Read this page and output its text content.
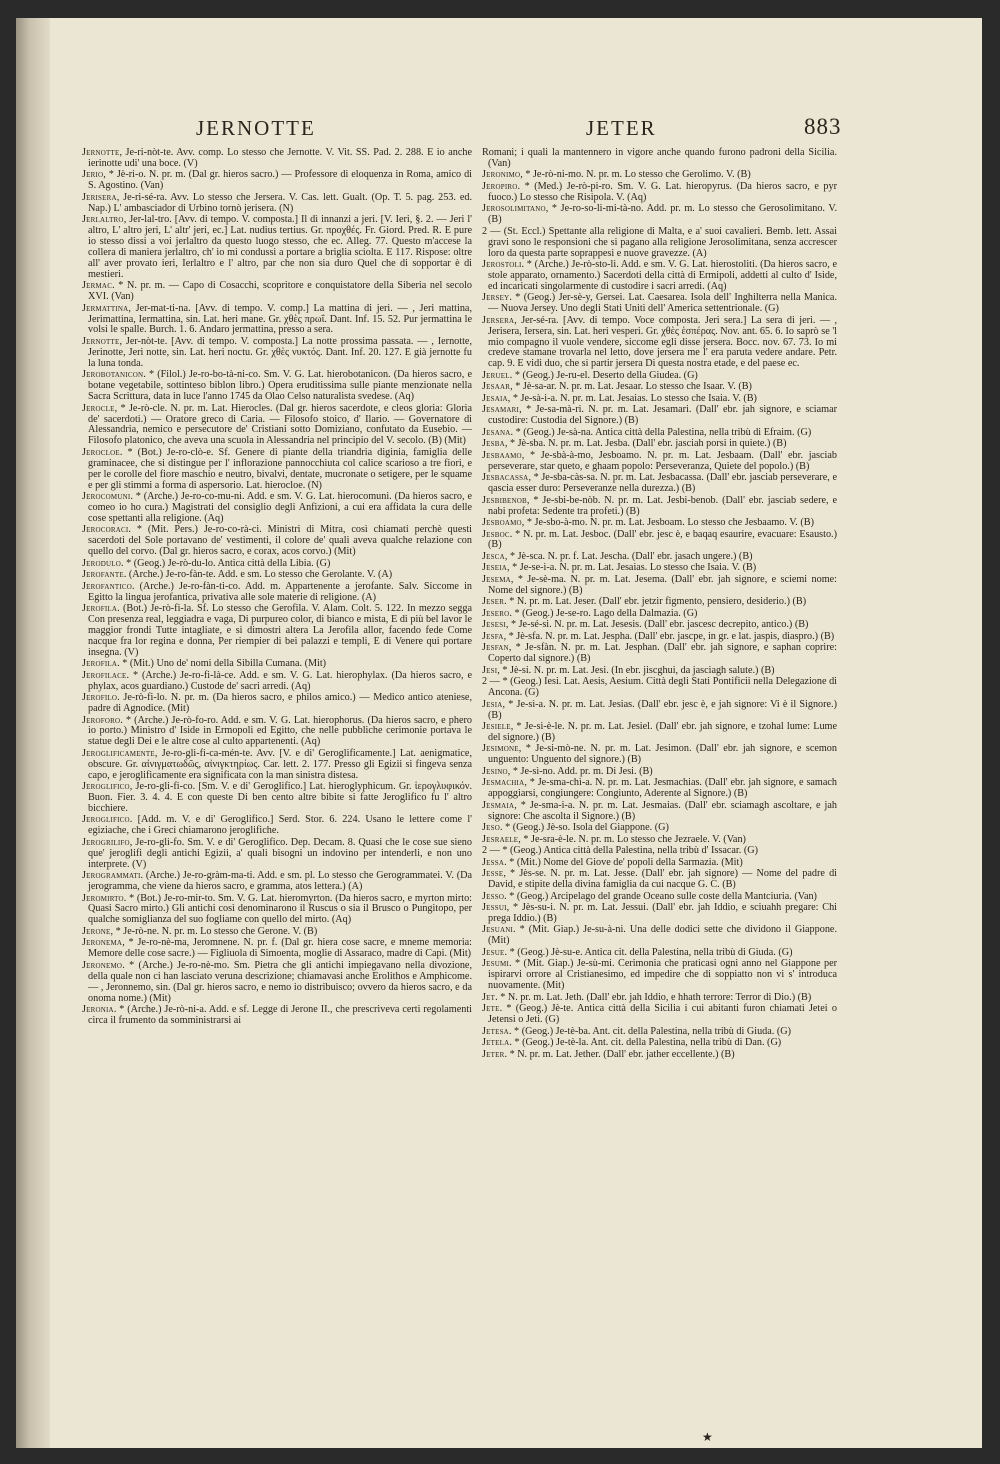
JERNOTTE	JETER	883

Jernotte, Je-ri-nòt-te. Avv. comp. Lo stesso che Jernotte. V. Vit. SS. Pad. 2. 288. E io anche ierinotte udi' una boce. (V)

Jerio, * Jè-ri-o. N. pr. m. (Dal gr. hieros sacro.) — Professore di eloquenza in Roma, amico di S. Agostino. (Van)

Jerisera, Je-ri-sé-ra. Avv. Lo stesso che Jersera. V. Cas. lett. Gualt. (Op. T. 5. pag. 253. ed. Nap.) L' ambasciador di Urbino tornò jerisera. (N)

Jerlaltro, Jer-lal-tro. [Avv. di tempo. V. composta.] Il dì innanzi a jeri. [V. Ieri, §. 2. — Jeri l' altro, L' altro jeri, L' altr' jeri, ec.] Lat. nudius tertius. Gr. προχθές. Fr. Giord. Pred. R. E pure io stesso dissi a voi jerlaltro da questo luogo stesso, che ec. Alleg. 77. Questo m'accese la collera di maniera jerlaltro, ch' io mi condussi a portare a briglia sciolta. E 117. Rispose: oltre all' aver provato ieri, Ierlaltro e l' altro, par che non sia duro Quel che di sopportar è di mestieri.

Jermac. * N. pr. m. — Capo di Cosacchi, scopritore e conquistatore della Siberia nel secolo XVI. (Van)

Jermattina, Jer-mat-ti-na. [Avv. di tempo. V. comp.] La mattina di jeri. — , Jeri mattina, Jerimattina, Iermattina, sin. Lat. heri mane. Gr. χθὲς πρωΐ. Dant. Inf. 15. 52. Pur jermattina le volsi le spalle. Burch. 1. 6. Andaro jermattina, presso a sera.

Jernotte, Jer-nòt-te. [Avv. di tempo. V. composta.] La notte prossima passata. — , Iernotte, Jerinotte, Jeri notte, sin. Lat. heri noctu. Gr. χθὲς νυκτός. Dant. Inf. 20. 127. E già jernotte fu la luna tonda.

Jerobotanicon. * (Filol.) Je-ro-bo-tà-ni-co. Sm. V. G. Lat. hierobotanicon. (Da hieros sacro, e botane vegetabile, sottinteso biblon libro.) Opera eruditissima sulle piante menzionate nella Sacra Scrittura, data in luce l'anno 1745 da Olao Celso naturalista svedese. (Aq)

Jerocle, * Je-rò-cle. N. pr. m. Lat. Hierocles. (Dal gr. hieros sacerdote, e cleos gloria: Gloria de' sacerdoti.) — Oratore greco di Caria. — Filosofo stoico, d' Ilario. — Governatore di Alessandria, nemico e persecutore de' Cristiani sotto Domiziano, confutato da Eusebio. — Filosofo platonico, che aveva una scuola in Alessandria nel principio del V. secolo. (B) (Mit)

Jerocloe. * (Bot.) Je-ro-clò-e. Sf. Genere di piante della triandria diginia, famiglia delle graminacee, che si distingue per l' inflorazione pannocchiuta col calice scarioso a tre fiori, e per le corolle del fiore maschio e neutro, bivalvi, dentate, mucronate o setigere, per le squame e per gli stimmi a forma di aspersorio. Lat. hierocloe. (N)

Jerocomuni. * (Arche.) Je-ro-co-mu-ni. Add. e sm. V. G. Lat. hierocomuni. (Da hieros sacro, e comeo io ho cura.) Magistrati del consiglio degli Anfizioni, a cui era affidata la cura delle cose spettanti alla religione. (Aq)

Jerocoraci. * (Mit. Pers.) Je-ro-co-rà-ci. Ministri di Mitra, così chiamati perchè questi sacerdoti del Sole portavano de' vestimenti, il colore de' quali aveva qualche relazione con quello del corvo. (Dal gr. hieros sacro, e corax, acos corvo.) (Mit)

Jerodulo. * (Geog.) Je-rò-du-lo. Antica città della Libia. (G)

Jerofante. (Arche.) Je-ro-fàn-te. Add. e sm. Lo stesso che Gerolante. V. (A)

Jerofantico. (Arche.) Je-ro-fàn-ti-co. Add. m. Appartenente a jerofante. Salv. Siccome in Egitto la lingua jerofantica, privativa alle sole materie di religione. (A)

Jerofila. (Bot.) Je-rò-fi-la. Sf. Lo stesso che Gerofila. V. Alam. Colt. 5. 122. In mezzo segga Con presenza real, leggiadra e vaga, Di purpureo color, di bianco e mista, E di più bel lavor le maggior frondi Tutte intagliate, e si dimostri altera La Jerofila allor, facendo fede Come nacque fra lor regina e donna, Per riempier di bei palazzi e templi, E di Venere qui portare insegna. (V)

Jerofila. * (Mit.) Uno de' nomi della Sibilla Cumana. (Mit)

Jerofilace. * (Arche.) Je-ro-fi-là-ce. Add. e sm. V. G. Lat. hierophylax. (Da hieros sacro, e phylax, acos guardiano.) Custode de' sacri arredi. (Aq)

Jerofilo. Je-rò-fi-lo. N. pr. m. (Da hieros sacro, e philos amico.) — Medico antico ateniese, padre di Agnodice. (Mit)

Jeroforo. * (Arche.) Je-rò-fo-ro. Add. e sm. V. G. Lat. hierophorus. (Da hieros sacro, e phero io porto.) Ministro d' Iside in Ermopoli ed Egitto, che nelle pubbliche cerimonie portava le statue degli Dei e le altre cose al culto appartenenti. (Aq)

Jeroglificamente, Je-ro-gli-fi-ca-mén-te. Avv. [V. e di' Geroglificamente.] Lat. aenigmatice, obscure. Gr. αἰνιγματωδῶς, αἰνιγκτηρίως. Car. lett. 2. 177. Presso gli Egizii si fingeva senza capo, e jeroglificamente era significata con la man sinistra distesa.

Jeroglifico, Je-ro-gli-fi-co. [Sm. V. e di' Geroglifico.] Lat. hieroglyphicum. Gr. ἱερογλυφικόν. Buon. Fier. 3. 4. 4. E con queste Di ben cento altre bibite si fatte Jeroglifico fu l' altro bicchiere.

Jeroglifico. [Add. m. V. e di' Geroglifico.] Serd. Stor. 6. 224. Usano le lettere come l' egiziache, che i Greci chiamarono jeroglifiche.

Jerogrilifo, Je-ro-gli-fo. Sm. V. e di' Geroglifico. Dep. Decam. 8. Quasi che le cose sue sieno que' jeroglifi degli antichi Egizii, a' quali bisogni un indovino per intenderli, e non uno interprete. (V)

Jerogrammati. (Arche.) Je-ro-gràm-ma-ti. Add. e sm. pl. Lo stesso che Gerogrammatei. V. (Da jerogramma, che viene da hieros sacro, e gramma, atos lettera.) (A)

Jeromirto. * (Bot.) Je-ro-mir-to. Sm. V. G. Lat. hieromyrton. (Da hieros sacro, e myrton mirto: Quasi Sacro mirto.) Gli antichi così denominarono il Ruscus o sia il Brusco o Pungitopo, per qualche somiglianza del suo fogliame con quello del mirto. (Aq)

Jerone, * Je-rò-ne. N. pr. m. Lo stesso che Gerone. V. (B)

Jeronema, * Je-ro-nè-ma, Jeromnene. N. pr. f. (Dal gr. hiera cose sacre, e mneme memoria: Memore delle cose sacre.) — Figliuola di Simoenta, moglie di Assaraco, madre di Capi. (Mit)

Jeronemo. * (Arche.) Je-ro-nè-mo. Sm. Pietra che gli antichi impiegavano nella divozione, della quale non ci han lasciato veruna descrizione; chiamavasi anche Erolithos e Amphicome. — , Jeronnemo, sin. (Dal gr. hieros sacro, e nemo io distribuisco; ovvero da hieros sacro, e da onoma nome.) (Mit)

Jeronia. * (Arche.) Je-rò-ni-a. Add. e sf. Legge di Jerone II., che prescriveva certi regolamenti circa il frumento da somministrarsi ai

Romani; i quali la mantennero in vigore anche quando furono padroni della Sicilia. (Van)

Jeronimo, * Je-rò-ni-mo. N. pr. m. Lo stesso che Gerolimo. V. (B)

Jeropiro. * (Med.) Je-rò-pi-ro. Sm. V. G. Lat. hieropyrus. (Da hieros sacro, e pyr fuoco.) Lo stesso che Risipola. V. (Aq)

Jerosolimitano, * Je-ro-so-li-mi-tà-no. Add. pr. m. Lo stesso che Gerosolimitano. V. (B)

2 — (St. Eccl.) Spettante alla religione di Malta, e a' suoi cavalieri. Bemb. lett. Assai gravi sono le responsioni che si pagano alla religione Jerosolimitana, senza accrescer loro da questa parte soprappesi e nuove gravezze. (A)

Jerostoli. * (Arche.) Je-rò-sto-li. Add. e sm. V. G. Lat. hierostoliti. (Da hieros sacro, e stole apparato, ornamento.) Sacerdoti della città di Ermipoli, addetti al culto d' Iside, ed incaricati singolarmente di custodire i sacri arredi. (Aq)

Jersey. * (Geog.) Jer-sè-y, Gersei. Lat. Caesarea. Isola dell' Inghilterra nella Manica. — Nuova Jersey. Uno degli Stati Uniti dell' America settentrionale. (G)

Jersera, Jer-sé-ra. [Avv. di tempo. Voce composta. Jeri sera.] La sera di jeri. — , Jerisera, Iersera, sin. Lat. heri vesperi. Gr. χθὲς ἑσπέρας. Nov. ant. 65. 6. Io saprò se 'l mio compagno il vuole vendere, siccome egli disse jersera. Bocc. nov. 67. 73. Io mi credeve stamane trovarla nel letto, dove jersera me l' era paruta vedere andare. Petr. cap. 9. E vidi duo, che si partir jersera Di questa nostra etade, e del paese ec.

Jeruel. * (Geog.) Je-ru-el. Deserto della Giudea. (G)

Jesaar, * Jè-sa-ar. N. pr. m. Lat. Jesaar. Lo stesso che Isaar. V. (B)

Jesaia, * Je-sà-i-a. N. pr. m. Lat. Jesaias. Lo stesso che Isaia. V. (B)

Jesamari, * Je-sa-mà-ri. N. pr. m. Lat. Jesamari. (Dall' ebr. jah signore, e sciamar custodire: Custodia del Signore.) (B)

Jesana. * (Geog.) Je-sà-na. Antica città della Palestina, nella tribù di Efraim. (G)

Jesba, * Jè-sba. N. pr. m. Lat. Jesba. (Dall' ebr. jasciah porsi in quiete.) (B)

Jesbaamo, * Je-sbà-à-mo, Jesboamo. N. pr. m. Lat. Jesbaam. (Dall' ebr. jasciab perseverare, star queto, e ghaam popolo: Perseveranza, Quiete del popolo.) (B)

Jesbacassa, * Je-sba-càs-sa. N. pr. m. Lat. Jesbacassa. (Dall' ebr. jasciab perseverare, e qascia esser duro: Perseveranze nella durezza.) (B)

Jesbibenob, * Je-sbi-be-nòb. N. pr. m. Lat. Jesbi-benob. (Dall' ebr. jasciab sedere, e nabi profeta: Sedente tra profeti.) (B)

Jesboamo, * Je-sbo-à-mo. N. pr. m. Lat. Jesboam. Lo stesso che Jesbaamo. V. (B)

Jesboc. * N. pr. m. Lat. Jesboc. (Dall' ebr. jesc è, e baqaq esaurire, evacuare: Esausto.) (B)

Jesca, * Jè-sca. N. pr. f. Lat. Jescha. (Dall' ebr. jasach ungere.) (B)

Jeseia, * Je-se-i-a. N. pr. m. Lat. Jesaias. Lo stesso che Isaia. V. (B)

Jesema, * Je-sè-ma. N. pr. m. Lat. Jesema. (Dall' ebr. jah signore, e sciemi nome: Nome del signore.) (B)

Jeser. * N. pr. m. Lat. Jeser. (Dall' ebr. jetzir figmento, pensiero, desiderio.) (B)

Jesero. * (Geog.) Je-se-ro. Lago della Dalmazia. (G)

Jesesi, * Je-sé-si. N. pr. m. Lat. Jesesis. (Dall' ebr. jascesc decrepito, antico.) (B)

Jesfa, * Jè-sfa. N. pr. m. Lat. Jespha. (Dall' ebr. jascpe, in gr. e lat. jaspis, diaspro.) (B)

Jesfan, * Je-sfàn. N. pr. m. Lat. Jesphan. (Dall' ebr. jah signore, e saphan coprire: Coperto dal signore.) (B)

Jesi, * Jè-si. N. pr. m. Lat. Jesi. (In ebr. jiscghui, da jasciagh salute.) (B)

2 — * (Geog.) Iesi. Lat. Aesis, Aesium. Città degli Stati Pontificii nella Delegazione di Ancona. (G)

Jesia, * Je-sì-a. N. pr. m. Lat. Jesias. (Dall' ebr. jesc è, e jah signore: Vi è il Signore.) (B)

Jesiele, * Je-si-è-le. N. pr. m. Lat. Jesiel. (Dall' ebr. jah signore, e tzohal lume: Lume del signore.) (B)

Jesimone, * Je-si-mò-ne. N. pr. m. Lat. Jesimon. (Dall' ebr. jah signore, e scemon unguento: Unguento del signore.) (B)

Jesino, * Je-sì-no. Add. pr. m. Di Jesi. (B)

Jesmachia, * Je-sma-chì-a. N. pr. m. Lat. Jesmachias. (Dall' ebr. jah signore, e samach appoggiarsi, congiungere: Congiunto, Aderente al Signore.) (B)

Jesmaia, * Je-sma-i-a. N. pr. m. Lat. Jesmaias. (Dall' ebr. sciamagh ascoltare, e jah signore: Che ascolta il Signore.) (B)

Jeso. * (Geog.) Jè-so. Isola del Giappone. (G)

Jesraele, * Je-sra-è-le. N. pr. m. Lo stesso che Jezraele. V. (Van)

2 — * (Geog.) Antica città della Palestina, nella tribù d' Issacar. (G)

Jessa. * (Mit.) Nome del Giove de' popoli della Sarmazia. (Mit)

Jesse, * Jès-se. N. pr. m. Lat. Jesse. (Dall' ebr. jah signore) — Nome del padre di David, e stipite della divina famiglia da cui nacque G. C. (B)

Jesso. * (Geog.) Arcipelago del grande Oceano sulle coste della Mantciuria. (Van)

Jessui, * Jès-su-i. N. pr. m. Lat. Jessui. (Dall' ebr. jah Iddio, e sciuahh pregare: Chi prega Iddio.) (B)

Jesuani. * (Mit. Giap.) Je-su-à-ni. Una delle dodici sette che dividono il Giappone. (Mit)

Jesue. * (Geog.) Jè-su-e. Antica cit. della Palestina, nella tribù di Giuda. (G)

Jesumi. * (Mit. Giap.) Je-sù-mi. Cerimonia che praticasi ogni anno nel Giappone per ispirarvi orrore al Cristianesimo, ed impedire che di soppiatto non vi s' introduca nuovamente. (Mit)

Jet. * N. pr. m. Lat. Jeth. (Dall' ebr. jah Iddio, e hhath terrore: Terror di Dio.) (B)

Jete. * (Geog.) Jè-te. Antica città della Sicilia i cui abitanti furon chiamati Jetei o Jetensi o Jeti. (G)

Jetesa. * (Geog.) Je-tè-ba. Ant. cit. della Palestina, nella tribù di Giuda. (G)

Jetela. * (Geog.) Je-tè-la. Ant. cit. della Palestina, nella tribù di Dan. (G)

Jeter. * N. pr. m. Lat. Jether. (Dall' ebr. jather eccellente.) (B)

★
